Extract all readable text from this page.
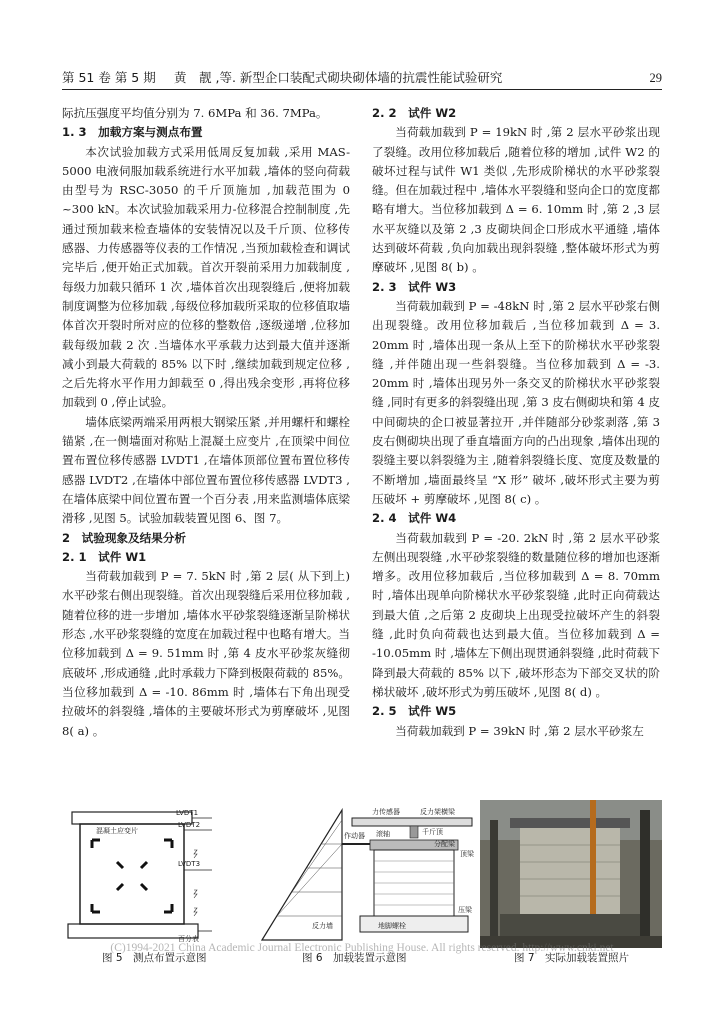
第 51 卷 第 5 期	黄　靓 ,等. 新型企口装配式砌块砌体墙的抗震性能试验研究	29

际抗压强度平均值分别为 7. 6MPa 和 36. 7MPa。

1. 3　加载方案与测点布置

本次试验加载方式采用低周反复加载 ,采用 MAS-5000 电液伺服加载系统进行水平加载 ,墙体的竖向荷载由型号为 RSC-3050 的千斤顶施加 ,加载范围为 0 ~300 kN。本次试验加载采用力-位移混合控制制度 ,先通过预加载来检查墙体的安装情况以及千斤顶、位移传感器、力传感器等仪表的工作情况 ,当预加载检查和调试完毕后 ,便开始正式加载。首次开裂前采用力加载制度 ,每级力加载只循环 1 次 ,墙体首次出现裂缝后 ,便将加载制度调整为位移加载 ,每级位移加载所采取的位移值取墙体首次开裂时所对应的位移的整数倍 ,逐级递增 ,位移加载每级加载 2 次 .当墙体水平承载力达到最大值并逐渐减小到最大荷载的 85% 以下时 ,继续加载到规定位移 ,之后先将水平作用力卸载至 0 ,得出残余变形 ,再将位移加载到 0 ,停止试验。

墙体底梁两端采用两根大钢梁压紧 ,并用螺杆和螺栓锚紧 ,在一侧墙面对称贴上混凝土应变片 ,在顶梁中间位置布置位移传感器 LVDT1 ,在墙体顶部位置布置位移传感器 LVDT2 ,在墙体中部位置布置位移传感器 LVDT3 ,在墙体底梁中间位置布置一个百分表 ,用来监测墙体底梁滑移 ,见图 5。试验加载装置见图 6、图 7。

2　试验现象及结果分析
2. 1　试件 W1

当荷载加载到 P = 7. 5kN 时 ,第 2 层( 从下到上) 水平砂浆右侧出现裂缝。首次出现裂缝后采用位移加载 ,随着位移的进一步增加 ,墙体水平砂浆裂缝逐渐呈阶梯状形态 ,水平砂浆裂缝的宽度在加载过程中也略有增大。当位移加载到 Δ = 9. 51mm 时 ,第 4 皮水平砂浆灰缝彻底破坏 ,形成通缝 ,此时承载力下降到极限荷载的 85%。当位移加载到 Δ = -10. 86mm 时 ,墙体右下角出现受拉破坏的斜裂缝 ,墙体的主要破坏形式为剪摩破坏 ,见图 8( a) 。

2. 2　试件 W2

当荷载加载到 P = 19kN 时 ,第 2 层水平砂浆出现了裂缝。改用位移加载后 ,随着位移的增加 ,试件 W2 的破坏过程与试件 W1 类似 ,先形成阶梯状的水平砂浆裂缝。但在加载过程中 ,墙体水平裂缝和竖向企口的宽度都略有增大。当位移加载到 Δ = 6. 10mm 时 ,第 2 ,3 层水平灰缝以及第 2 ,3 皮砌块间企口形成水平通缝 ,墙体达到破坏荷载 ,负向加载出现斜裂缝 ,整体破坏形式为剪摩破坏 ,见图 8( b) 。

2. 3　试件 W3

当荷载加载到 P = -48kN 时 ,第 2 层水平砂浆右侧出现裂缝。改用位移加载后 ,当位移加载到 Δ = 3. 20mm 时 ,墙体出现一条从上至下的阶梯状水平砂浆裂缝 ,并伴随出现一些斜裂缝。当位移加载到 Δ = -3. 20mm 时 ,墙体出现另外一条交叉的阶梯状水平砂浆裂缝 ,同时有更多的斜裂缝出现 ,第 3 皮右侧砌块和第 4 皮中间砌块的企口被显著拉开 ,并伴随部分砂浆剥落 ,第 3 皮右侧砌块出现了垂直墙面方向的凸出现象 ,墙体出现的裂缝主要以斜裂缝为主 ,随着斜裂缝长度、宽度及数量的不断增加 ,墙面最终呈 “X 形” 破坏 ,破坏形式主要为剪压破坏 + 剪摩破坏 ,见图 8( c) 。

2. 4　试件 W4

当荷载加载到 P = -20. 2kN 时 ,第 2 层水平砂浆左侧出现裂缝 ,水平砂浆裂缝的数量随位移的增加也逐渐增多。改用位移加载后 ,当位移加载到 Δ = 8. 70mm 时 ,墙体出现单向阶梯状水平砂浆裂缝 ,此时正向荷载达到最大值 ,之后第 2 皮砌块上出现受拉破坏产生的斜裂缝 ,此时负向荷载也达到最大值。当位移加载到 Δ = -10.05mm 时 ,墙体左下侧出现贯通斜裂缝 ,此时荷载下降到最大荷载的 85% 以下 ,破坏形态为下部交叉状的阶梯状破坏 ,破坏形式为剪压破坏 ,见图 8( d) 。

2. 5　试件 W5

当荷载加载到 P = 39kN 时 ,第 2 层水平砂浆左

LVDT1
LVDT2
LVDT3
混凝土应变片
百分表
图 5　测点布置示意图
反力架横梁
千斤顶
作动器
力传感器
滚轴
分配梁
顶梁
地脚螺栓
反力墙
压梁
图 6　加载装置示意图	图 7　实际加载装置照片
(C)1994-2021 China Academic Journal Electronic Publishing House. All rights reserved. http://www.cnki.net
